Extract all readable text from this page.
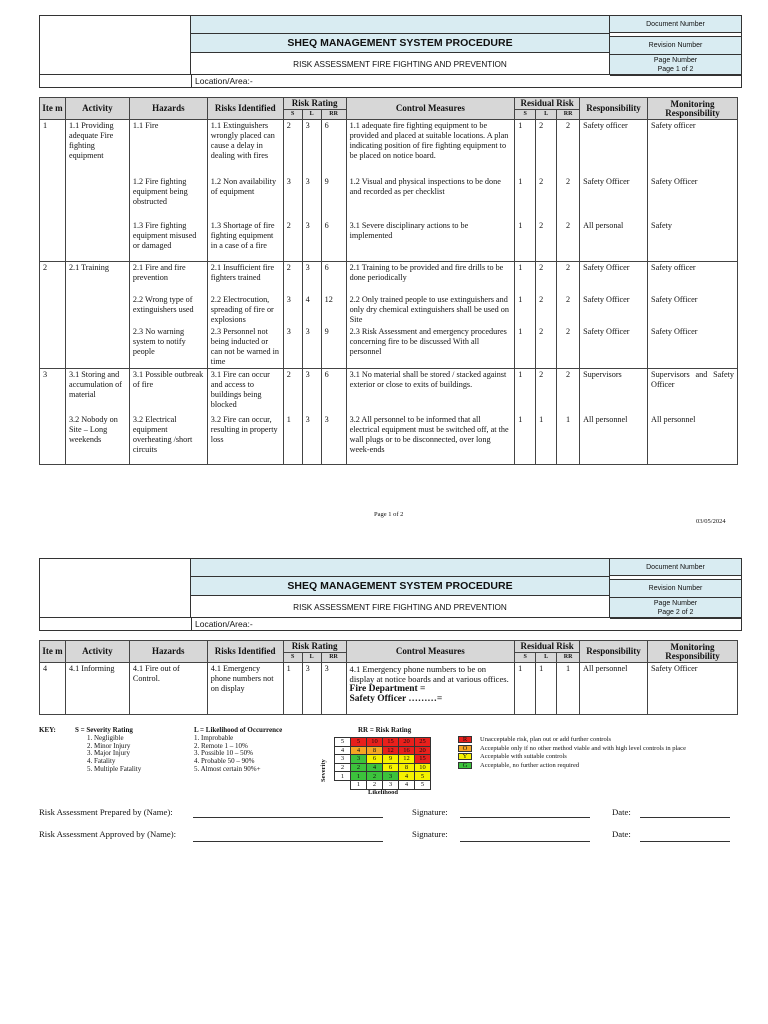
SHEQ MANAGEMENT SYSTEM PROCEDURE
RISK ASSESSMENT FIRE FIGHTING AND PREVENTION
Document Number
Revision Number
Page Number
Page 1 of 2
Location/Area:-
Ite m	Activity	Hazards	Risks Identified	Risk Rating			Control Measures	Residual Risk			Responsibility	Monitoring Responsibility
				S	L	RR		S	L	RR		
1	1.1 Providing adequate Fire fighting equipment	1.1 Fire	1.1 Extinguishers wrongly placed can cause a delay in dealing with fires	2	3	6	1.1 adequate fire fighting equipment to be provided and placed at suitable locations. A plan indicating position of fire fighting equipment to be placed on notice board.	1	2	2	Safety officer	Safety officer
		1.2 Fire fighting equipment being obstructed	1.2 Non availability of equipment	3	3	9	1.2 Visual and physical inspections to be done and recorded as per checklist	1	2	2	Safety Officer	Safety Officer
		1.3 Fire fighting equipment misused or damaged	1.3 Shortage of fire fighting equipment in a case of a fire	2	3	6	3.1 Severe disciplinary actions to be implemented	1	2	2	All personal	Safety
2	2.1 Training	2.1 Fire and fire prevention	2.1 Insufficient fire fighters trained	2	3	6	2.1 Training to be provided and fire drills to be done periodically	1	2	2	Safety Officer	Safety officer
		2.2 Wrong type of extinguishers used	2.2 Electrocution, spreading of fire or explosions	3	4	12	2.2 Only trained people to use extinguishers and only dry chemical extinguishers shall be used on Site	1	2	2	Safety Officer	Safety Officer
		2.3 No warning system to notify people	2.3 Personnel not being inducted or can not be warned in time	3	3	9	2.3 Risk Assessment and emergency procedures concerning fire to be discussed With all personnel	1	2	2	Safety Officer	Safety Officer
3	3.1 Storing and accumulation of material	3.1 Possible outbreak of fire	3.1 Fire can occur and access to buildings being blocked	2	3	6	3.1 No material shall be stored / stacked against exterior or close to exits of buildings.	1	2	2	Supervisors	Supervisors and Safety Officer
	3.2 Nobody on Site – Long weekends	3.2 Electrical equipment overheating /short circuits	3.2 Fire can occur, resulting in property loss	1	3	3	3.2 All personnel to be informed that all electrical equipment must be switched off, at the wall plugs or to be disconnected, over long week-ends	1	1	1	All personnel	All personnel
Page 1 of 2
03/05/2024
SHEQ MANAGEMENT SYSTEM PROCEDURE
RISK ASSESSMENT FIRE FIGHTING AND PREVENTION
Document Number
Revision Number
Page Number
Page 2 of 2
Location/Area:-
Ite m	Activity	Hazards	Risks Identified	Risk Rating			Control Measures	Residual Risk			Responsibility	Monitoring Responsibility
				S	L	RR		S	L	RR		
4	4.1 Informing	4.1 Fire out of Control.	4.1 Emergency phone numbers not on display	1	3	3	4.1 Emergency phone numbers to be on display at notice boards and at various offices.
Fire Department =
Safety Officer ………=	1	1	1	All personnel	Safety Officer
KEY:	S = Severity Rating
1. Negligible
2. Minor Injury
3. Major Injury
4. Fatality
5. Multiple Fatality
L = Likelihood of Occurrence
1. Improbable
2. Remote 1 – 10%
3. Possible 10 – 50%
4. Probable 50 – 90%
5. Almost certain 90%+
RR = Risk Rating
Severity
5	5	10	15	20	25
4	4	8	12	16	20
3	3	6	9	12	15
2	2	4	6	8	10
1	1	2	3	4	5
	1	2	3	4	5
Likelihood
R Unacceptable risk, plan out or add further controls
O Acceptable only if no other method viable and with high level controls in place
Y Acceptable with suitable controls
G Acceptable, no further action required
Risk Assessment Prepared by (Name):	Signature:	Date:
Risk Assessment Approved by (Name):	Signature:	Date:
